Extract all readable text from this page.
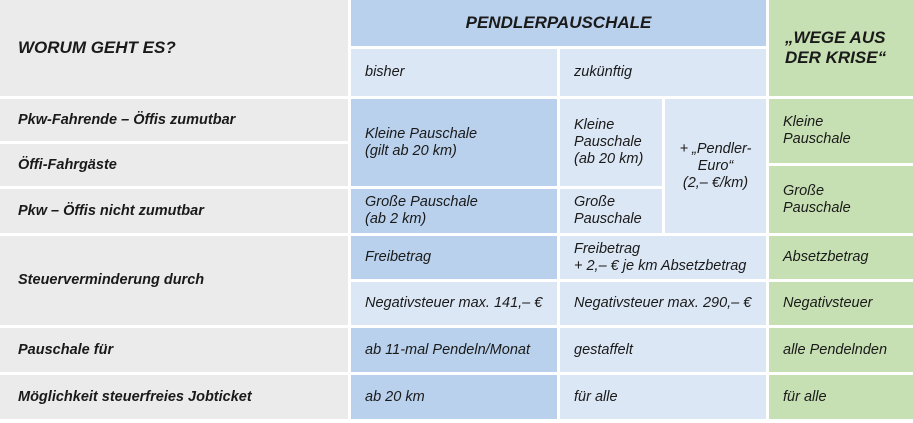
WORUM GEHT ES?
PENDLERPAUSCHALE
„WEGE AUS
DER KRISE“
bisher	zukünftig
Pkw-Fahrende – Öffis zumutbar
Öffi-Fahrgäste
Pkw – Öffis nicht zumutbar
Steuerverminderung durch
Pauschale für
Möglichkeit steuerfreies Jobticket
Kleine Pauschale
(gilt ab 20 km)
Große Pauschale
(ab 2 km)
Freibetrag
Negativsteuer max. 141,– €
ab 11-mal Pendeln/Monat
ab 20 km
Kleine
Pauschale
(ab 20 km)
+ „Pendler-
Euro“
(2,– €/km)
Große
Pauschale
Freibetrag
+ 2,– € je km Absetzbetrag
Negativsteuer max. 290,– €
gestaffelt
für alle
Kleine
Pauschale
Große
Pauschale
Absetzbetrag
Negativsteuer
alle Pendelnden
für alle
